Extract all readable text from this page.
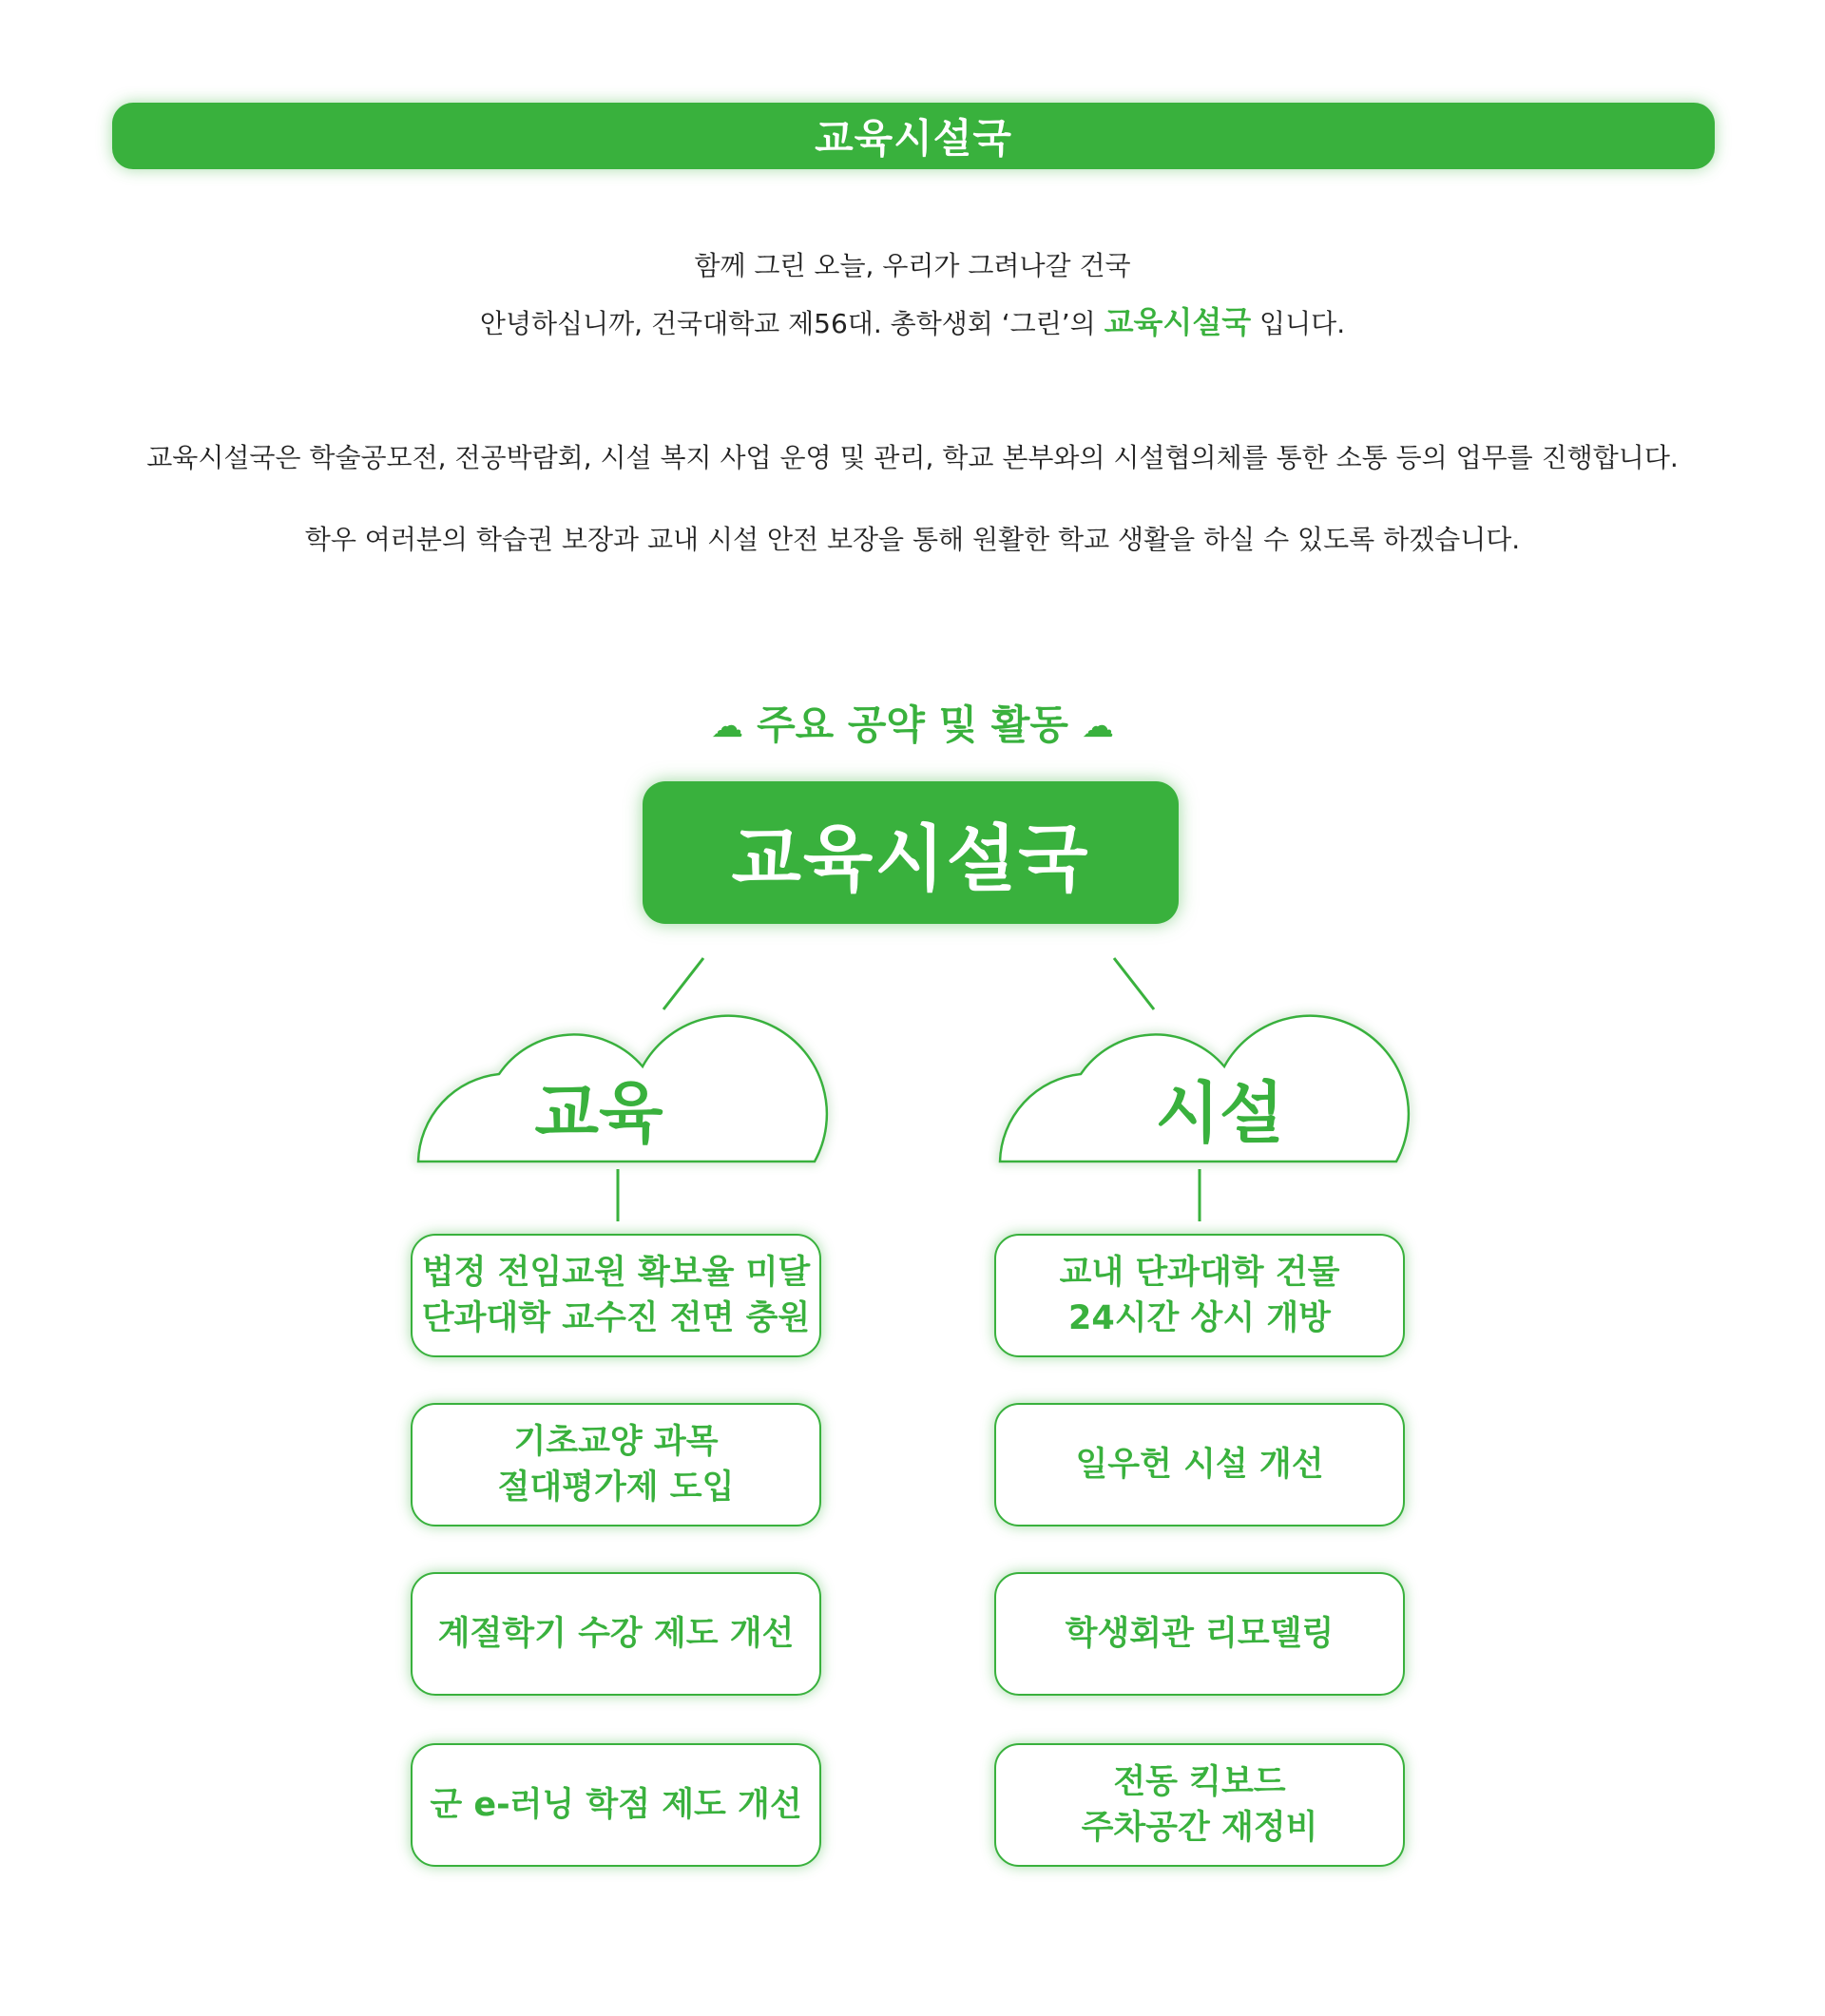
교육시설국
함께 그린 오늘, 우리가 그려나갈 건국
안녕하십니까, 건국대학교 제56대. 총학생회 ‘그린’의 교육시설국 입니다.
교육시설국은 학술공모전, 전공박람회, 시설 복지 사업 운영 및 관리, 학교 본부와의 시설협의체를 통한 소통 등의 업무를 진행합니다.
학우 여러분의 학습권 보장과 교내 시설 안전 보장을 통해 원활한 학교 생활을 하실 수 있도록 하겠습니다.
☁ 주요 공약 및 활동 ☁
교육시설국
교육	시설
법정 전임교원 확보율 미달
단과대학 교수진 전면 충원
기초교양 과목
절대평가제 도입
계절학기 수강 제도 개선
군 e-러닝 학점 제도 개선
교내 단과대학 건물
24시간 상시 개방
일우헌 시설 개선
학생회관 리모델링
전동 킥보드
주차공간 재정비
